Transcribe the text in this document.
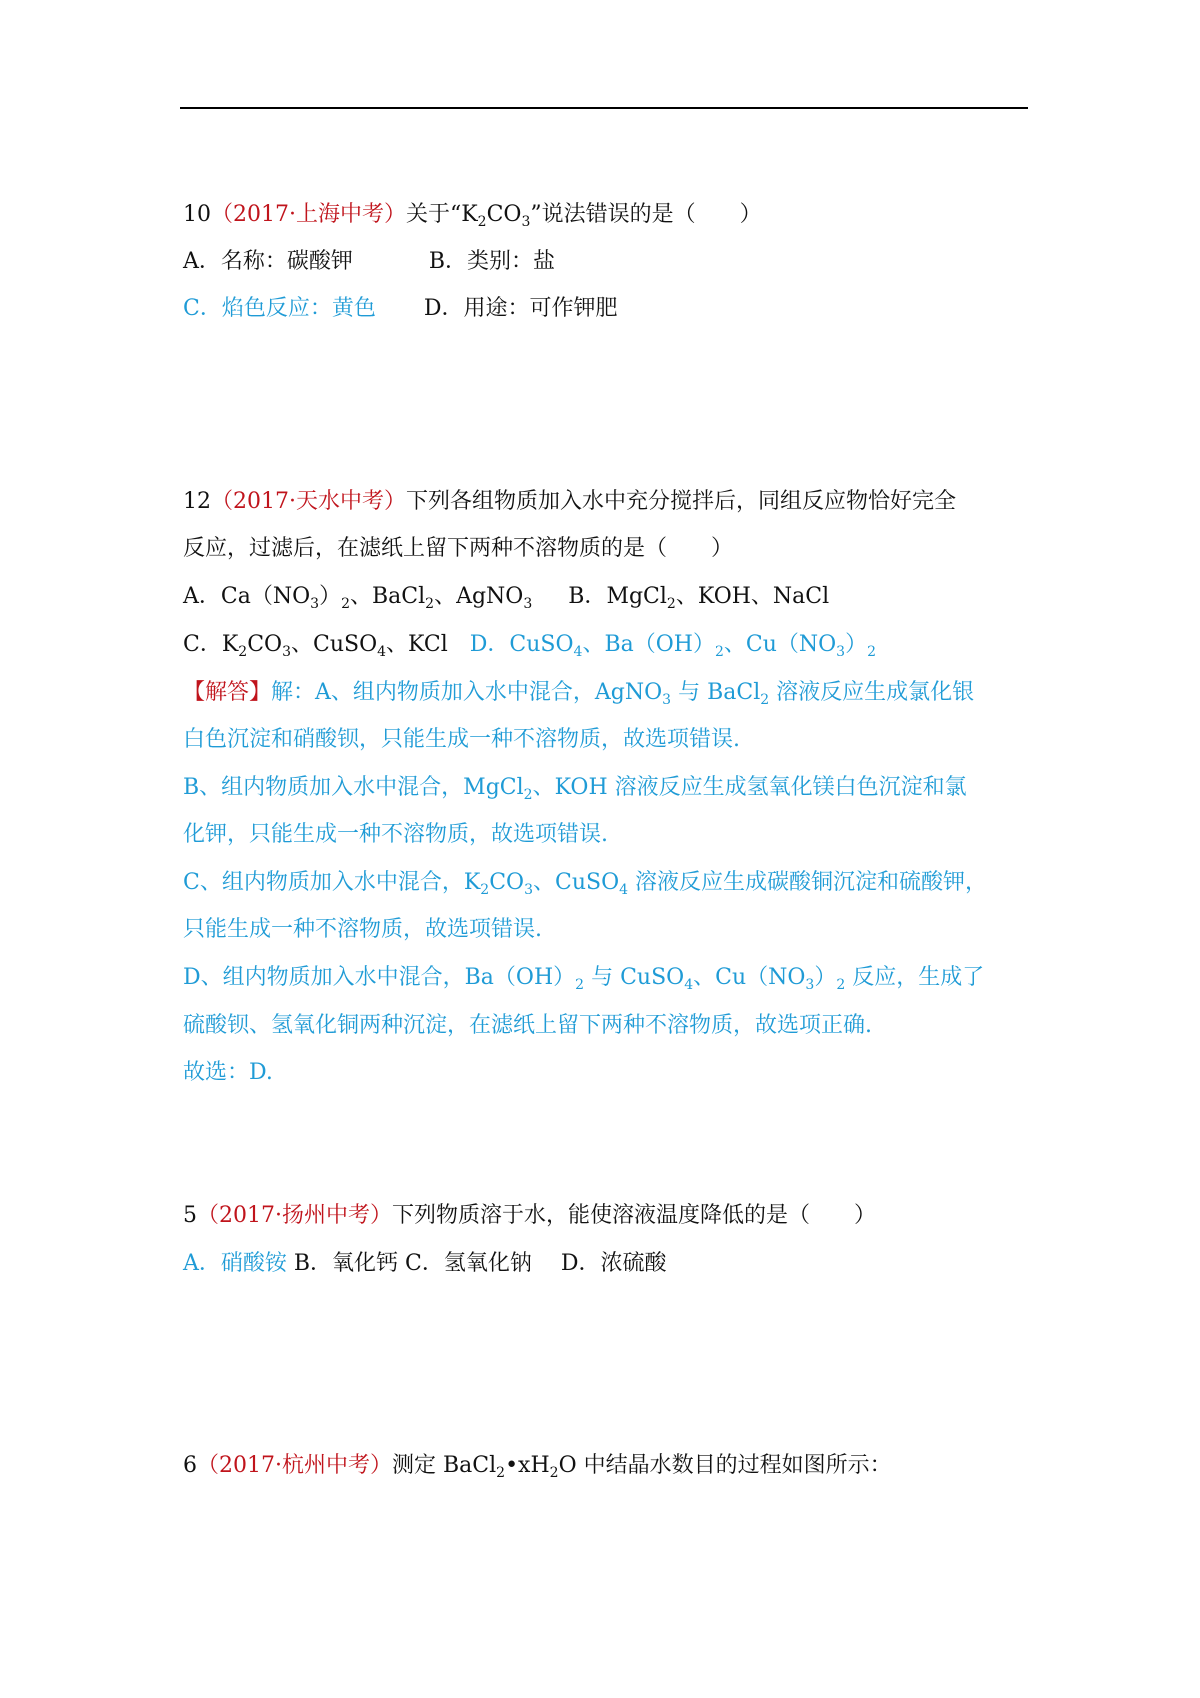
10（2017·上海中考）关于“$K_2CO_3$”说法错误的是（　　）
A．名称：碳酸钾	B．类别：盐
C．焰色反应：黄色 D．用途：可作钾肥
12（2017·天水中考）下列各组物质加入水中充分搅拌后，同组反应物恰好完全
反应，过滤后，在滤纸上留下两种不溶物质的是（　　）
A．$Ca(NO_3)_2$、BaCl$_2$、AgNO$_3$ B．MgCl$_2$、KOH、NaCl
C．$K_2CO_3$、CuSO$_4$、KCl D．CuSO$_4$、$Ba(OH)_2$、$Cu(NO_3)_2$
【解答】解：A、组内物质加入水中混合，AgNO$_3$ 与 BaCl$_2$ 溶液反应生成氯化银
白色沉淀和硝酸钡，只能生成一种不溶物质，故选项错误.
B、组内物质加入水中混合，MgCl$_2$、KOH 溶液反应生成氢氧化镁白色沉淀和氯
化钾，只能生成一种不溶物质，故选项错误.
C、组内物质加入水中混合，$K_2CO_3$、CuSO$_4$ 溶液反应生成碳酸铜沉淀和硫酸钾，
只能生成一种不溶物质，故选项错误.
D、组内物质加入水中混合，$Ba(OH)_2$ 与 CuSO$_4$、$Cu(NO_3)_2$ 反应，生成了
硫酸钡、氢氧化铜两种沉淀，在滤纸上留下两种不溶物质，故选项正确.
故选：D.
5（2017·扬州中考）下列物质溶于水，能使溶液温度降低的是（　　）
A．硝酸铵 B．氧化钙 C．氢氧化钠　 D．浓硫酸
6（2017·杭州中考）测定 $BaCl_2•xH_2O$ 中结晶水数目的过程如图所示：
